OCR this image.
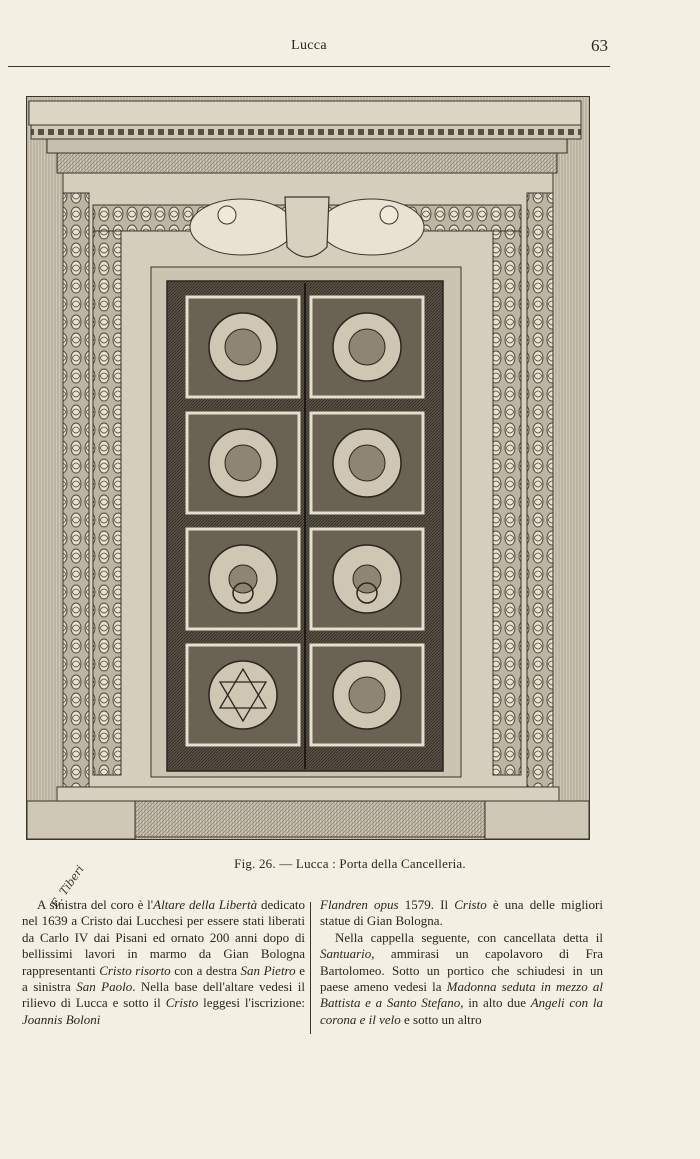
Lucca	63
E. Tiberi	Fig. 26. — Lucca : Porta della Cancelleria.

A sinistra del coro è l'Altare della Libertà dedicato nel 1639 a Cristo dai Lucchesi per essere stati liberati da Carlo IV dai Pisani ed ornato 200 anni dopo di bellissimi lavori in marmo da Gian Bologna rappresentanti Cristo risorto con a destra San Pietro e a sinistra San Paolo. Nella base dell'altare vedesi il rilievo di Lucca e sotto il Cristo leggesi l'iscrizione: Joannis Boloni

Flandren opus 1579. Il Cristo è una delle migliori statue di Gian Bologna.

Nella cappella seguente, con cancellata detta il Santuario, ammirasi un capolavoro di Fra Bartolomeo. Sotto un portico che schiudesi in un paese ameno vedesi la Madonna seduta in mezzo al Battista e a Santo Stefano, in alto due Angeli con la corona e il velo e sotto un altro
